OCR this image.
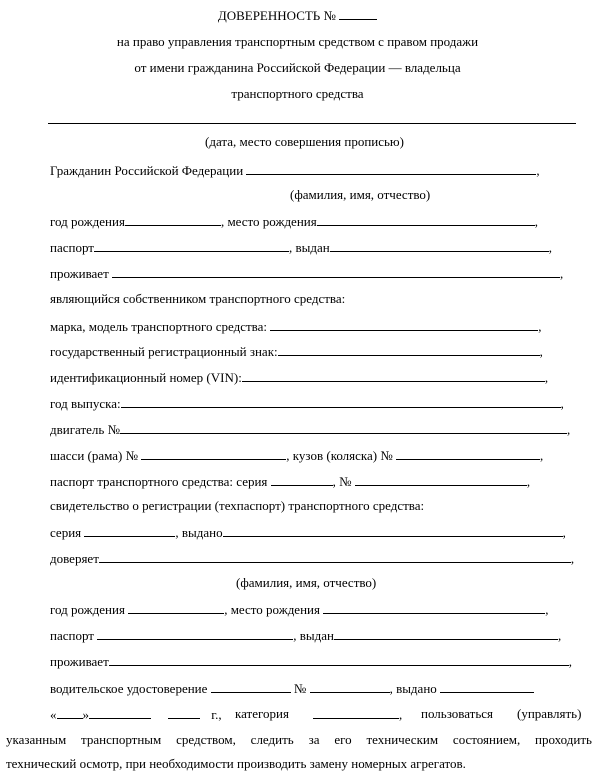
ДОВЕРЕННОСТЬ №
на право управления транспортным средством с правом продажи
от имени гражданина Российской Федерации — владельца
транспортного средства
(дата, место совершения прописью)
Гражданин Российской Федерации	,
(фамилия, имя, отчество)
год рождения	, место рождения	,
паспорт	, выдан	,
проживает	,
являющийся собственником транспортного средства:
марка, модель транспортного средства:	,
государственный регистрационный знак:	,
идентификационный номер (VIN):	,
год выпуска:	,
двигатель №	,
шасси (рама) №	, кузов (коляска) №	,
паспорт транспортного средства: серия	, №	,
свидетельство о регистрации (техпаспорт) транспортного средства:
серия	, выдано	,
доверяет	,
(фамилия, имя, отчество)
год рождения	, место рождения	,
паспорт	, выдан	,
проживает	,
водительское удостоверение	№	, выдано
« »	г., категория	, пользоваться (управлять)
указанным транспортным средством, следить за его техническим состоянием, проходить
технический осмотр, при необходимости производить замену номерных агрегатов.
